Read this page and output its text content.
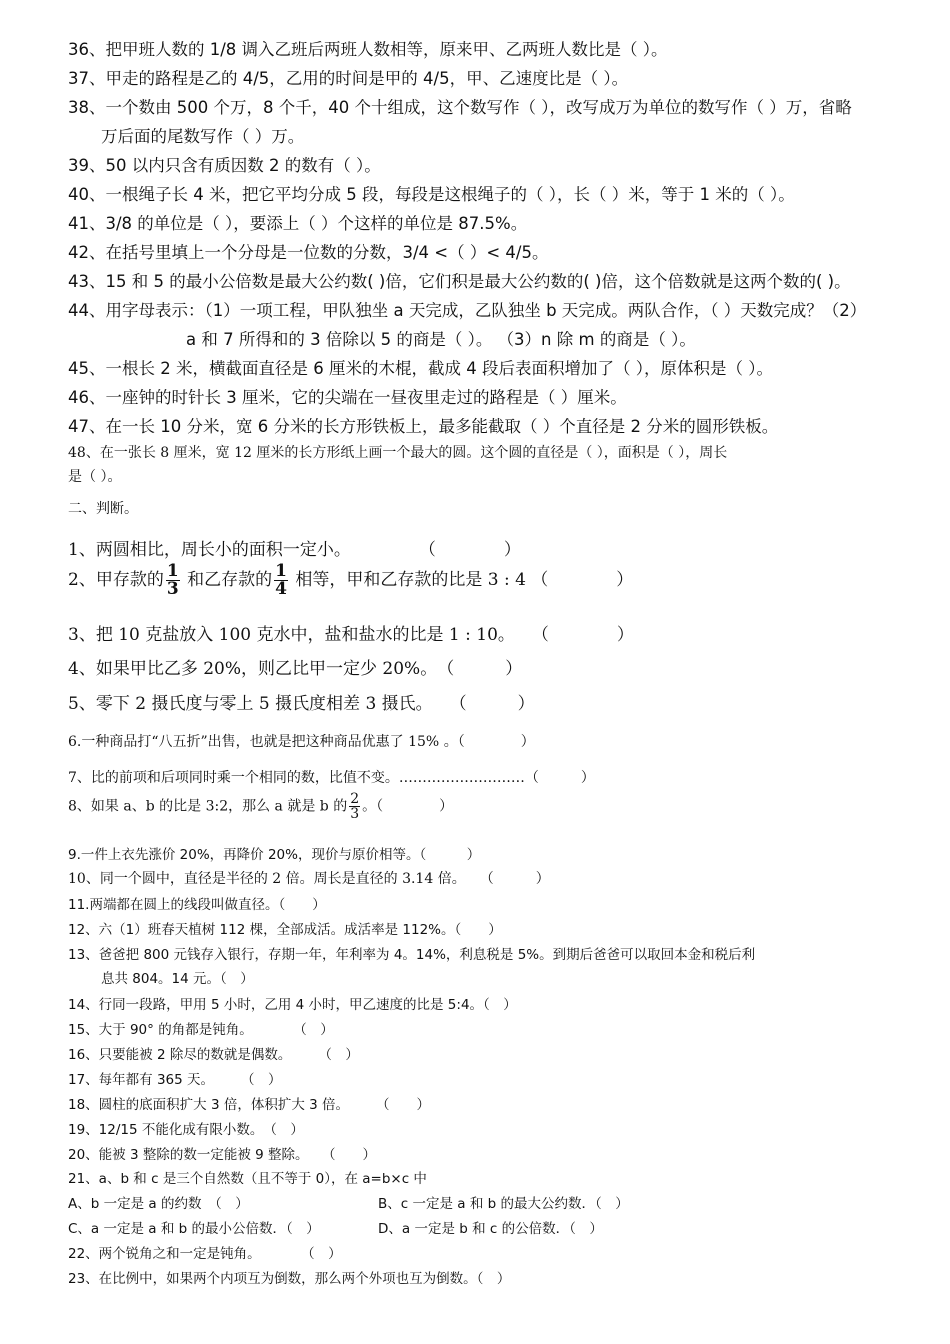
36、把甲班人数的 1/8 调入乙班后两班人数相等，原来甲、乙两班人数比是（ ）。
37、甲走的路程是乙的 4/5，乙用的时间是甲的 4/5，甲、乙速度比是（ ）。
38、一个数由 500 个万，8 个千，40 个十组成，这个数写作（ ），改写成万为单位的数写作（ ）万，省略
万后面的尾数写作（ ）万。
39、50 以内只含有质因数 2 的数有（ ）。
40、一根绳子长 4 米，把它平均分成 5 段，每段是这根绳子的（ ），长（ ）米，等于 1 米的（ ）。
41、3/8 的单位是（ ），要添上（ ）个这样的单位是 87.5%。
42、在括号里填上一个分母是一位数的分数，3/4 <（ ）< 4/5。
43、15 和 5 的最小公倍数是最大公约数( )倍，它们积是最大公约数的( )倍，这个倍数就是这两个数的( )。
44、用字母表示：（1）一项工程，甲队独坐 a 天完成，乙队独坐 b 天完成。两队合作，（ ）天数完成？（2）
a 和 7 所得和的 3 倍除以 5 的商是（ ）。 （3）n 除 m 的商是（ ）。
45、一根长 2 米，横截面直径是 6 厘米的木棍，截成 4 段后表面积增加了（ ），原体积是（ ）。
46、一座钟的时针长 3 厘米，它的尖端在一昼夜里走过的路程是（ ）厘米。
47、在一长 10 分米，宽 6 分米的长方形铁板上，最多能截取（ ）个直径是 2 分米的圆形铁板。
48、在一张长 8 厘米，宽 12 厘米的长方形纸上画一个最大的圆。这个圆的直径是（ ），面积是（ ），周长
是（ ）。
二、判断。
1、两圆相比，周长小的面积一定小。　　　　　（　　　　）
2、甲存款的 $\frac{1}{3}$ 和乙存款的 $\frac{1}{4}$ 相等，甲和乙存款的比是 3 : 4 （　　　　）
3、把 10 克盐放入 100 克水中，盐和盐水的比是 1 : 10。　　（　　　　）
4、如果甲比乙多 20%，则乙比甲一定少 20%。　（　　　）
5、零下 2 摄氏度与零上 5 摄氏度相差 3 摄氏。　　（　　　）
6.一种商品打“八五折”出售，也就是把这种商品优惠了 15% 。（　　　　）
7、比的前项和后项同时乘一个相同的数，比值不变。………………………（　　　）
8、如果 a、b 的比是 3:2，那么 a 就是 b 的 $\frac{2}{3}$ 。（　　　　）
9.一件上衣先涨价 20%，再降价 20%，现价与原价相等。（　　　）
10、同一个圆中，直径是半径的 2 倍。周长是直径的 3.14 倍。　　（　　　）
11.两端都在圆上的线段叫做直径。（　　）
12、六（1）班春天植树 112 棵，全部成活。成活率是 112%。（　　）
13、爸爸把 800 元钱存入银行，存期一年，年利率为 4。14%，利息税是 5%。到期后爸爸可以取回本金和税后利
息共 804。14 元。（　）
14、行同一段路，甲用 5 小时，乙用 4 小时，甲乙速度的比是 5:4。（　）
15、大于 90° 的角都是钝角。　　　　（　）
16、只要能被 2 除尽的数就是偶数。　　　（　）
17、每年都有 365 天。　　　（　）
18、圆柱的底面积扩大 3 倍，体积扩大 3 倍。　　　（　　）
19、12/15 不能化成有限小数。　（　）
20、能被 3 整除的数一定能被 9 整除。　　（　　）
21、a、b 和 c 是三个自然数（且不等于 0），在 a=b×c 中
A、b 一定是 a 的约数　（　）	B、c 一定是 a 和 b 的最大公约数．（　）
C、a 一定是 a 和 b 的最小公倍数．（　）	D、a 一定是 b 和 c 的公倍数．（　）
22、两个锐角之和一定是钝角。　　　　（　）
23、在比例中，如果两个内项互为倒数，那么两个外项也互为倒数。（　）
